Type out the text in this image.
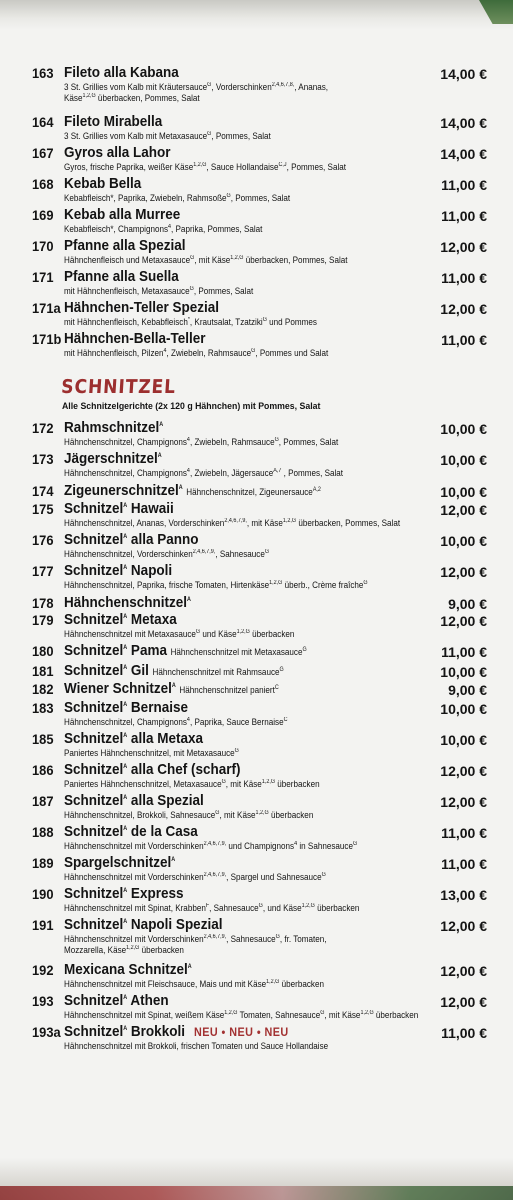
163 Fileto alla Kabana
3 St. Grillies vom Kalb mit Kräutersauce$^G$, Vorderschinken$^{2,4,6,7,8,}$, Ananas,
Käse$^{1,2,G}$ überbacken, Pommes, Salat
14,00 €
164 Fileto Mirabella
3 St. Grillies vom Kalb mit Metaxasauce$^G$, Pommes, Salat
14,00 €
167 Gyros alla Lahor
Gyros, frische Paprika, weißer Käse$^{1,2,G}$, Sauce Hollandaise$^{C,J}$, Pommes, Salat
14,00 €
168 Kebab Bella
Kebabfleisch*, Paprika, Zwiebeln, Rahmsoße$^G$, Pommes, Salat
11,00 €
169 Kebab alla Murree
Kebabfleisch*, Champignons$^4$, Paprika, Pommes, Salat
11,00 €
170 Pfanne alla Spezial
Hähnchenfleisch und Metaxasauce$^G$, mit Käse$^{1,2,G}$ überbacken, Pommes, Salat
12,00 €
171 Pfanne alla Suella
mit Hähnchenfleisch, Metaxasauce$^G$, Pommes, Salat
11,00 €
171a Hähnchen-Teller Spezial
mit Hähnchenfleisch, Kebabfleisch*, Krautsalat, Tzatziki$^G$ und Pommes
12,00 €
171b Hähnchen-Bella-Teller
mit Hähnchenfleisch, Pilzen$^4$, Zwiebeln, Rahmsauce$^G$, Pommes und Salat
11,00 €
172 Rahmschnitzel$^A$
Hähnchenschnitzel, Champignons$^4$, Zwiebeln, Rahmsauce$^G$, Pommes, Salat
10,00 €
173 Jägerschnitzel$^A$
Hähnchenschnitzel, Champignons$^4$, Zwiebeln, Jägersauce$^{A,7}$ , Pommes, Salat
10,00 €
174 Zigeunerschnitzel$^A$ Hähnchenschnitzel, Zigeunersauce$^{A,2}$	10,00 €
175 Schnitzel$^A$ Hawaii
Hähnchenschnitzel, Ananas, Vorderschinken$^{2,4,6,7,9,}$, mit Käse$^{1,2,G}$ überbacken, Pommes, Salat
12,00 €
176 Schnitzel$^A$ alla Panno
Hähnchenschnitzel, Vorderschinken$^{2,4,6,7,9,}$, Sahnesauce$^G$
10,00 €
177 Schnitzel$^A$ Napoli
Hähnchenschnitzel, Paprika, frische Tomaten, Hirtenkäse$^{1,2,G}$ überb., Crème fraîche$^G$
12,00 €
178 Hähnchenschnitzel$^A$	9,00 €
179 Schnitzel$^A$ Metaxa
Hähnchenschnitzel mit Metaxasauce$^G$ und Käse$^{1,2,G}$ überbacken
12,00 €
180 Schnitzel$^A$ Pama Hähnchenschnitzel mit Metaxasauce$^G$	11,00 €
181 Schnitzel$^A$ Gil Hähnchenschnitzel mit Rahmsauce$^G$	10,00 €
182 Wiener Schnitzel$^A$ Hähnchenschnitzel paniert$^C$	9,00 €
183 Schnitzel$^A$ Bernaise
Hähnchenschnitzel, Champignons$^4$, Paprika, Sauce Bernaise$^C$
10,00 €
185 Schnitzel$^A$ alla Metaxa
Paniertes Hähnchenschnitzel, mit Metaxasauce$^G$
10,00 €
186 Schnitzel$^A$ alla Chef (scharf)
Paniertes Hähnchenschnitzel, Metaxasauce$^G$, mit Käse$^{1,2,G}$ überbacken
12,00 €
187 Schnitzel$^A$ alla Spezial
Hähnchenschnitzel, Brokkoli, Sahnesauce$^G$, mit Käse$^{1,2,G}$ überbacken
12,00 €
188 Schnitzel$^A$ de la Casa
Hähnchenschnitzel mit Vorderschinken$^{2,4,6,7,9,}$ und Champignons$^4$ in Sahnesauce$^G$
11,00 €
189 Spargelschnitzel$^A$
Hähnchenschnitzel mit Vorderschinken$^{2,4,6,7,9,}$, Spargel und Sahnesauce$^G$
11,00 €
190 Schnitzel$^A$ Express
Hähnchenschnitzel mit Spinat, Krabben$^F$, Sahnesauce$^G$, und Käse$^{1,2,G}$ überbacken
13,00 €
191 Schnitzel$^A$ Napoli Spezial
Hähnchenschnitzel mit Vorderschinken$^{2,4,6,7,9,}$, Sahnesauce$^G$, fr. Tomaten,
Mozzarella, Käse$^{1,2,G}$ überbacken
12,00 €
192 Mexicana Schnitzel$^A$
Hähnchenschnitzel mit Fleischsauce, Mais und mit Käse$^{1,2,G}$ überbacken
12,00 €
193 Schnitzel$^A$ Athen
Hähnchenschnitzel mit Spinat, weißem Käse$^{1,2,G}$ Tomaten, Sahnesauce$^G$, mit Käse$^{1,2,G}$ überbacken
12,00 €
193a Schnitzel$^A$ Brokkoli NEU • NEU • NEU
Hähnchenschnitzel mit Brokkoli, frischen Tomaten und Sauce Hollandaise
11,00 €
SCHNITZEL
Alle Schnitzelgerichte (2x 120 g Hähnchen) mit Pommes, Salat
